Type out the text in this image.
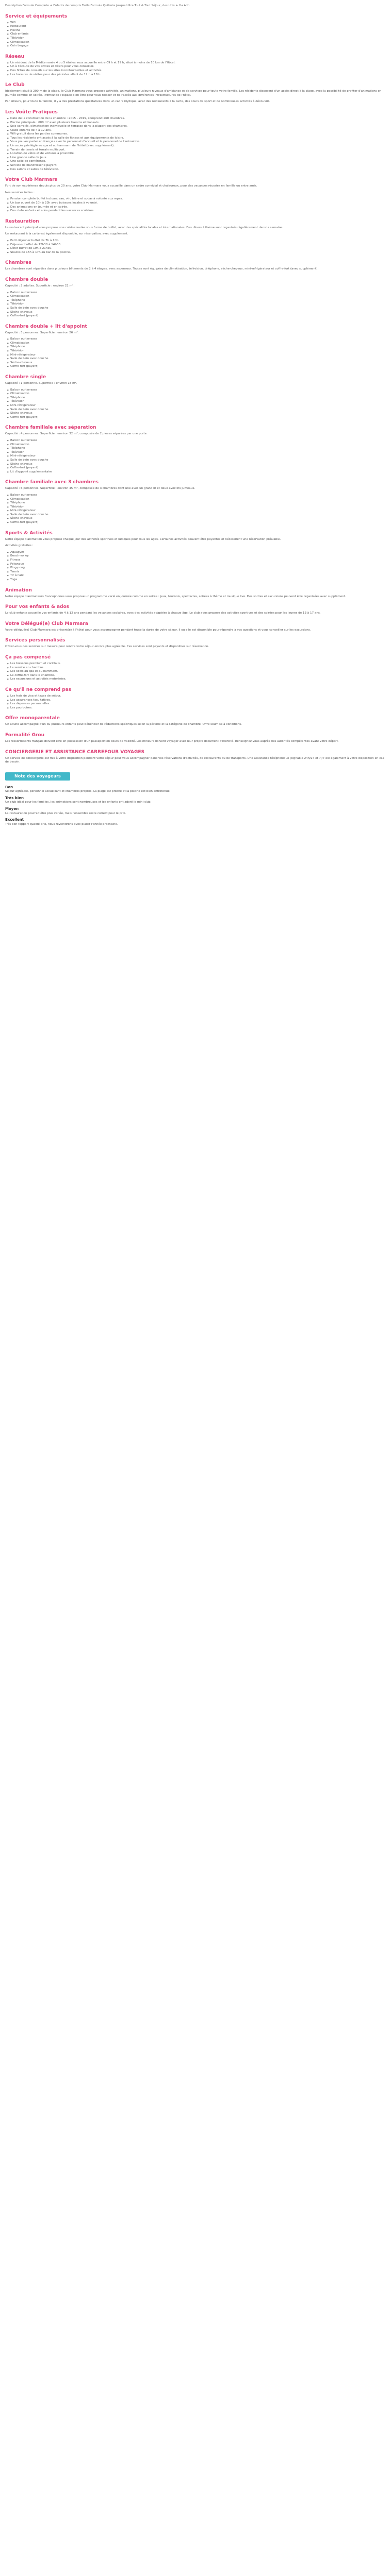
Description Formule Complete + Enfants de compris Tarifs Formule Quilleria jusque Ultra Tout & Tout Séjour, des Unis + Ha Adh
Service et équipements
● Wifi
● Restaurant
● Piscine
● Club enfants
● Télévision
● Climatisation
● Coin bagage
Réseau
● Un résident de la Méditerranée 4 ou 5 étoiles vous accueille entre 09 h et 19 h, situé à moins de 10 km de l'Hôtel.
● Un à l'écoute de vos envies et désirs pour vous conseiller.
● Des fiches de conseils sur les sites incontournables et activités.
● Les horaires de visites pour des périodes allant de 12 h à 18 h.
Le Club

Idéalement situé à 200 m de la plage, le Club Marmara vous propose activités, animations, plusieurs niveaux d'ambiance et de services pour toute votre famille. Les résidents disposent d'un accès direct à la plage, avec la possibilité de profiter d'animations en journée comme en soirée. Profitez de l'espace bien-être pour vous relaxer et de l'accès aux différentes infrastructures de l'hôtel.

Par ailleurs, pour toute la famille, il y a des prestations qualitatives dans un cadre idyllique, avec des restaurants à la carte, des cours de sport et de nombreuses activités à découvrir.

Les Voûte Pratiques
● Date de la construction de la chambre : 2015 - 2019, comprend 260 chambres.
● Piscine principale : 600 m² avec plusieurs bassins et transats.
● Sols carrelés, climatisation individuelle et terrasse dans la plupart des chambres.
● Clubs enfants de 4 à 12 ans.
● Wifi gratuit dans les parties communes.
● Tous les résidents ont accès à la salle de fitness et aux équipements de loisirs.
● Vous pouvez parler en français avec le personnel d'accueil et le personnel de l'animation.
● Un accès privilégié au spa et au hammam de l'hôtel (avec supplément).
● Terrain de tennis et terrain multisport.
● Location de vélos et de voitures à proximité.
● Une grande salle de jeux.
● Une salle de conférence.
● Service de blanchisserie payant.
● Des salons et salles de télévision.
Votre Club Marmara

Fort de son expérience depuis plus de 20 ans, votre Club Marmara vous accueille dans un cadre convivial et chaleureux, pour des vacances réussies en famille ou entre amis.

Nos services inclus :

● Pension complète buffet incluant eau, vin, bière et sodas à volonté aux repas.
● Un bar ouvert de 10h à 23h avec boissons locales à volonté.
● Des animations en journée et en soirée.
● Des clubs enfants et ados pendant les vacances scolaires.
Restauration

Le restaurant principal vous propose une cuisine variée sous forme de buffet, avec des spécialités locales et internationales. Des dîners à thème sont organisés régulièrement dans la semaine.

Un restaurant à la carte est également disponible, sur réservation, avec supplément.

● Petit déjeuner buffet de 7h à 10h.
● Déjeuner buffet de 12h30 à 14h30.
● Dîner buffet de 19h à 21h30.
● Snacks de 15h à 17h au bar de la piscine.
Chambres

Les chambres sont réparties dans plusieurs bâtiments de 2 à 4 étages, avec ascenseur. Toutes sont équipées de climatisation, télévision, téléphone, sèche-cheveux, mini-réfrigérateur et coffre-fort (avec supplément).

Chambre double

Capacité : 2 adultes. Superficie : environ 22 m².

● Balcon ou terrasse
● Climatisation
● Téléphone
● Télévision
● Salle de bain avec douche
● Sèche-cheveux
● Coffre-fort (payant)
Chambre double + lit d'appoint

Capacité : 3 personnes. Superficie : environ 26 m².

● Balcon ou terrasse
● Climatisation
● Téléphone
● Télévision
● Mini-réfrigérateur
● Salle de bain avec douche
● Sèche-cheveux
● Coffre-fort (payant)
Chambre single

Capacité : 1 personne. Superficie : environ 18 m².

● Balcon ou terrasse
● Climatisation
● Téléphone
● Télévision
● Mini-réfrigérateur
● Salle de bain avec douche
● Sèche-cheveux
● Coffre-fort (payant)
Chambre familiale avec séparation

Capacité : 4 personnes. Superficie : environ 32 m², composée de 2 pièces séparées par une porte.

● Balcon ou terrasse
● Climatisation
● Téléphone
● Télévision
● Mini-réfrigérateur
● Salle de bain avec douche
● Sèche-cheveux
● Coffre-fort (payant)
● Lit d'appoint supplémentaire
Chambre familiale avec 3 chambres

Capacité : 6 personnes. Superficie : environ 45 m², composée de 3 chambres dont une avec un grand lit et deux avec lits jumeaux.

● Balcon ou terrasse
● Climatisation
● Téléphone
● Télévision
● Mini-réfrigérateur
● Salle de bain avec douche
● Sèche-cheveux
● Coffre-fort (payant)
Sports & Activités

Notre équipe d'animation vous propose chaque jour des activités sportives et ludiques pour tous les âges. Certaines activités peuvent être payantes et nécessitent une réservation préalable.

Activités gratuites :

● Aquagym
● Beach-volley
● Fitness
● Pétanque
● Ping-pong
● Tennis
● Tir à l'arc
● Yoga
Animation

Notre équipe d'animateurs francophones vous propose un programme varié en journée comme en soirée : jeux, tournois, spectacles, soirées à thème et musique live. Des sorties et excursions peuvent être organisées avec supplément.

Pour vos enfants & ados

Le club enfants accueille vos enfants de 4 à 12 ans pendant les vacances scolaires, avec des activités adaptées à chaque âge. Le club ados propose des activités sportives et des soirées pour les jeunes de 13 à 17 ans.

Votre Délégué(e) Club Marmara

Votre délégué(e) Club Marmara est présent(e) à l'hôtel pour vous accompagner pendant toute la durée de votre séjour. Il ou elle est disponible pour répondre à vos questions et vous conseiller sur les excursions.

Services personnalisés

Offrez-vous des services sur mesure pour rendre votre séjour encore plus agréable. Ces services sont payants et disponibles sur réservation.

Ça pas compensé
● Les boissons premium et cocktails.
● Le service en chambre.
● Les soins au spa et au hammam.
● Le coffre-fort dans la chambre.
● Les excursions et activités motorisées.
Ce qu'il ne comprend pas
● Les frais de visa et taxes de séjour.
● Les assurances facultatives.
● Les dépenses personnelles.
● Les pourboires.
Offre monoparentale

Un adulte accompagné d'un ou plusieurs enfants peut bénéficier de réductions spécifiques selon la période et la catégorie de chambre. Offre soumise à conditions.

Formalité Grou

Les ressortissants français doivent être en possession d'un passeport en cours de validité. Les mineurs doivent voyager avec leur propre document d'identité. Renseignez-vous auprès des autorités compétentes avant votre départ.

CONCIERGERIE ET ASSISTANCE CARREFOUR VOYAGES

Un service de conciergerie est mis à votre disposition pendant votre séjour pour vous accompagner dans vos réservations d'activités, de restaurants ou de transports. Une assistance téléphonique joignable 24h/24 et 7j/7 est également à votre disposition en cas de besoin.

Note des voyageurs
Bon

Séjour agréable, personnel accueillant et chambres propres. La plage est proche et la piscine est bien entretenue.

Très bien

Un club idéal pour les familles, les animations sont nombreuses et les enfants ont adoré le mini-club.

Moyen

La restauration pourrait être plus variée, mais l'ensemble reste correct pour le prix.

Excellent

Très bon rapport qualité prix, nous reviendrons avec plaisir l'année prochaine.
